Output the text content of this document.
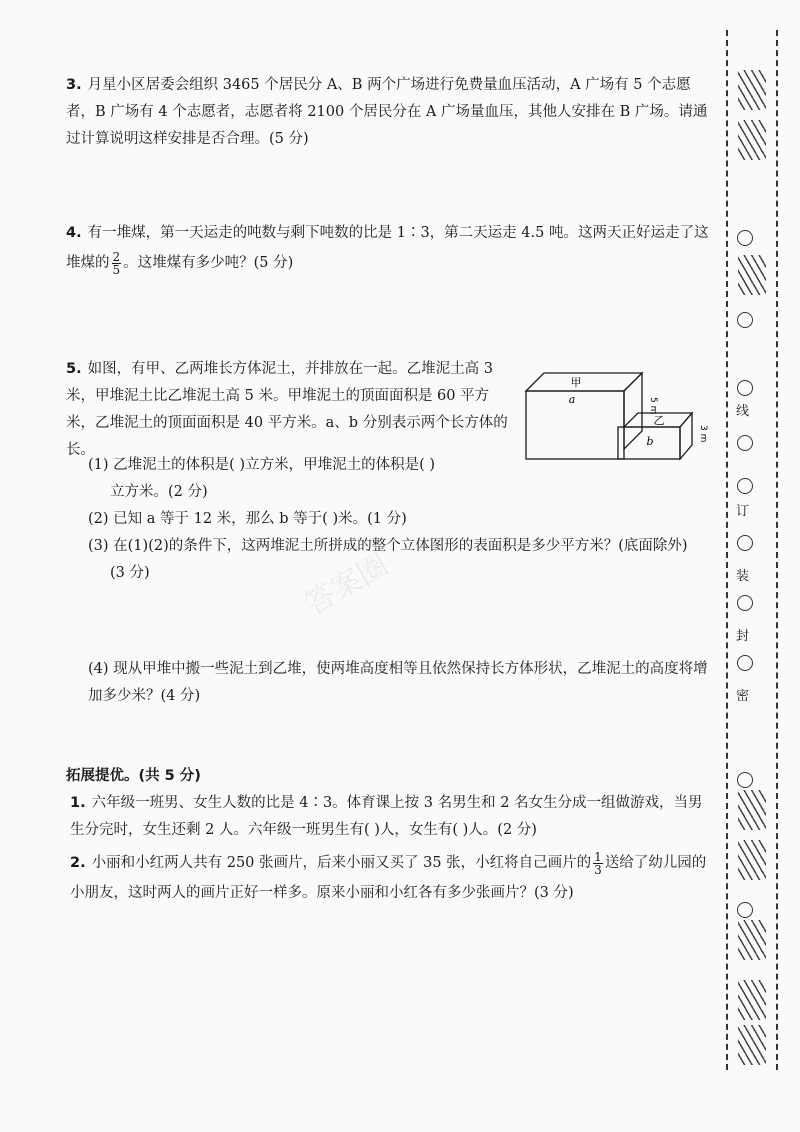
3. 月星小区居委会组织 3465 个居民分 A、B 两个广场进行免费量血压活动，A 广场有 5 个志愿者，B 广场有 4 个志愿者，志愿者将 2100 个居民分在 A 广场量血压，其他人安排在 B 广场。请通过计算说明这样安排是否合理。(5 分)
4. 有一堆煤，第一天运走的吨数与剩下吨数的比是 1∶3，第二天运走 4.5 吨。这两天正好运走了这堆煤的 $\frac{2}{5}$ 。这堆煤有多少吨？(5 分)
5. 如图，有甲、乙两堆长方体泥土，并排放在一起。乙堆泥土高 3 米，甲堆泥土比乙堆泥土高 5 米。甲堆泥土的顶面面积是 60 平方米，乙堆泥土的顶面面积是 40 平方米。a、b 分别表示两个长方体的长。
甲
a
乙
b
5 m
3 m
(1) 乙堆泥土的体积是( )立方米，甲堆泥土的体积是( )
立方米。(2 分)
(2) 已知 a 等于 12 米，那么 b 等于( )米。(1 分)
(3) 在(1)(2)的条件下，这两堆泥土所拼成的整个立体图形的表面积是多少平方米？(底面除外)
(3 分)
(4) 现从甲堆中搬一些泥土到乙堆，使两堆高度相等且依然保持长方体形状，乙堆泥土的高度将增加多少米？(4 分)
答案圈
拓展提优。(共 5 分)
1. 六年级一班男、女生人数的比是 4∶3。体育课上按 3 名男生和 2 名女生分成一组做游戏，当男生分完时，女生还剩 2 人。六年级一班男生有( )人，女生有( )人。(2 分)
2. 小丽和小红两人共有 250 张画片，后来小丽又买了 35 张，小红将自己画片的 $\frac{1}{3}$ 送给了幼儿园的小朋友，这时两人的画片正好一样多。原来小丽和小红各有多少张画片？(3 分)
线
订
装
封
密
